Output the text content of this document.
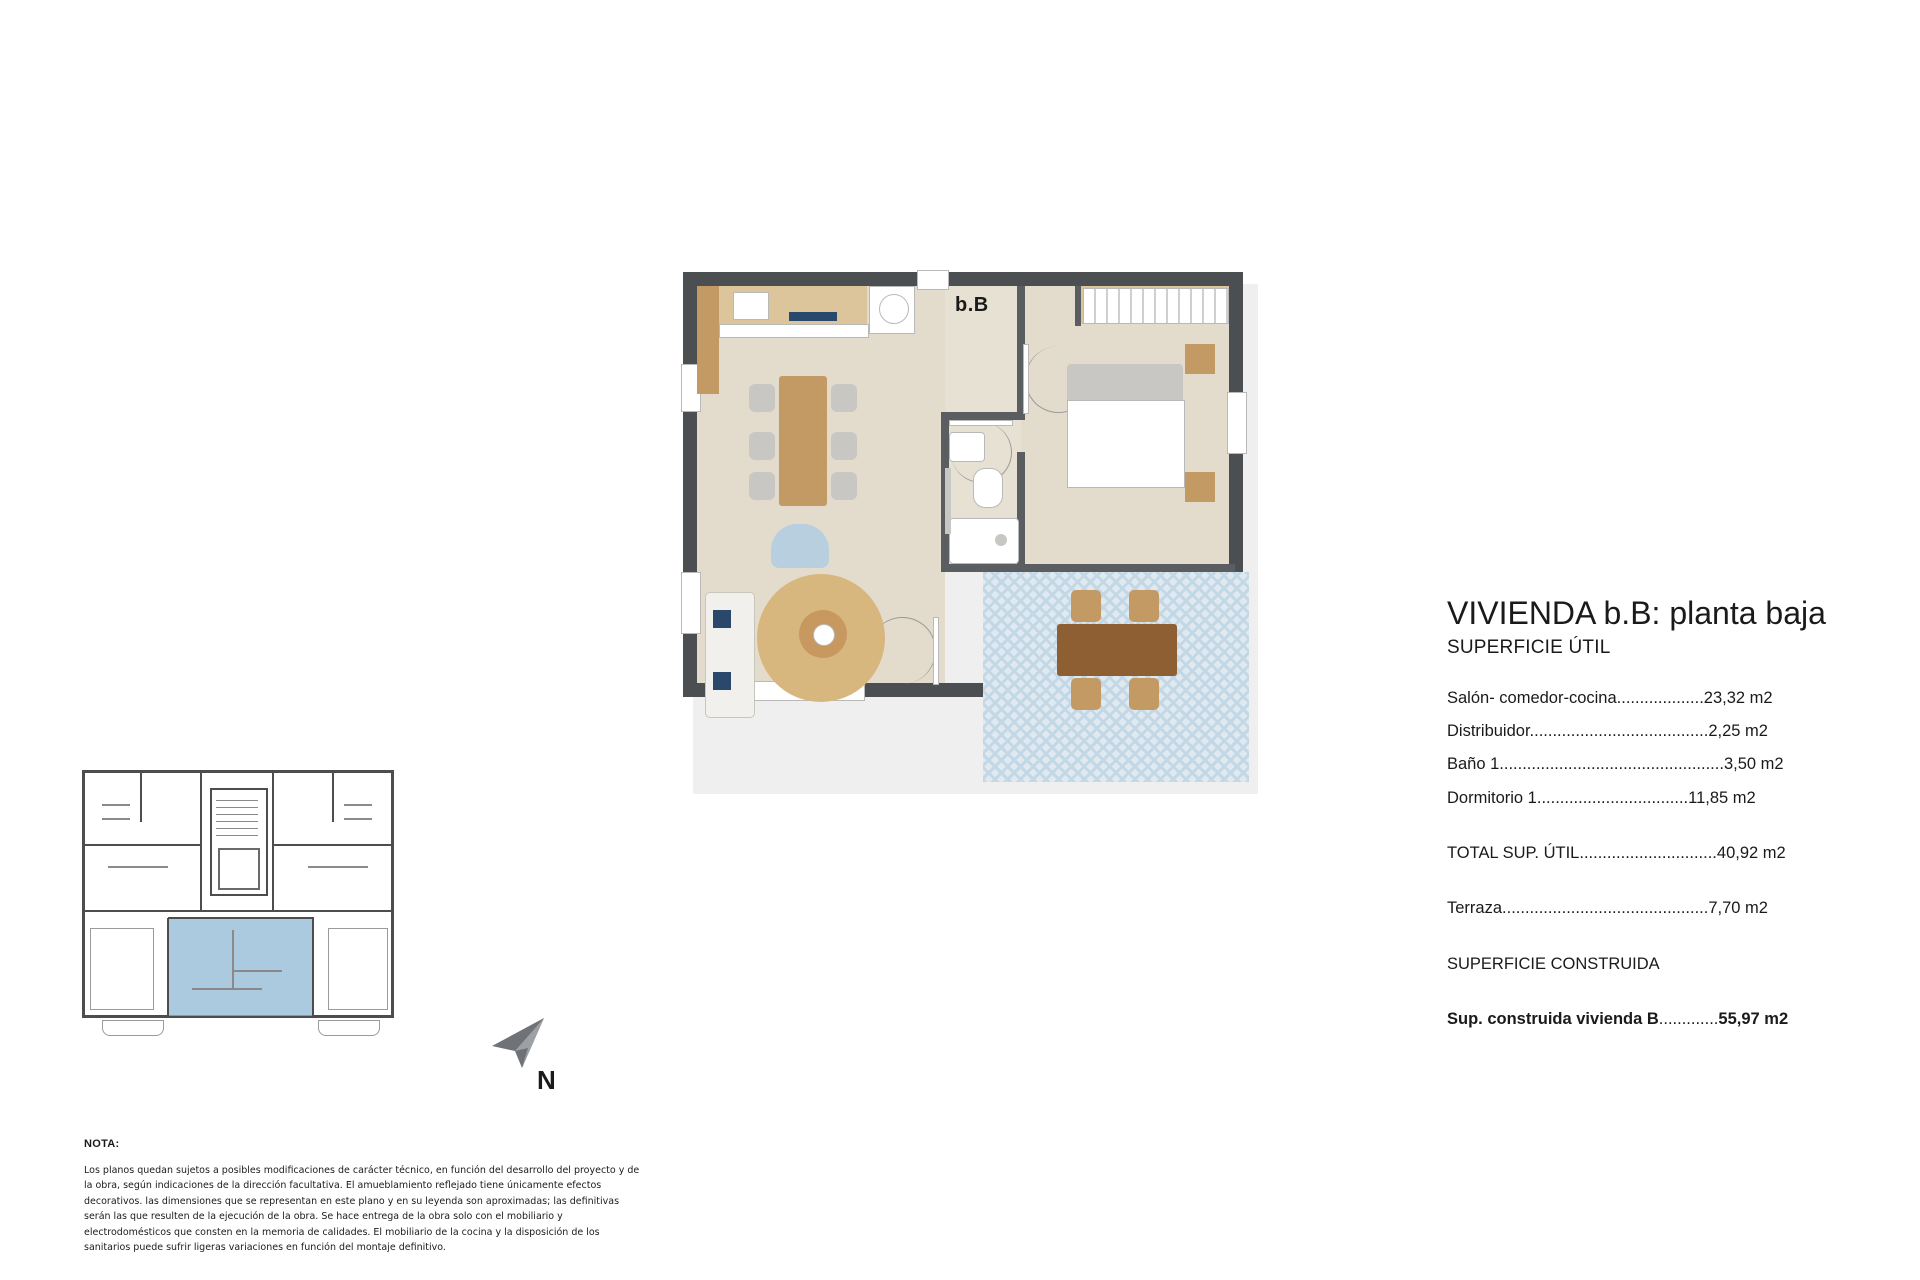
b.B
N
NOTA:
Los planos quedan sujetos a posibles modificaciones de carácter técnico, en función del desarrollo del proyecto y de la obra, según indicaciones de la dirección facultativa. El amueblamiento reflejado tiene únicamente efectos decorativos. las dimensiones que se representan en este plano y en su leyenda son aproximadas; las definitivas serán las que resulten de la ejecución de la obra. Se hace entrega de la obra solo con el mobiliario y electrodomésticos que consten en la memoria de calidades. El mobiliario de la cocina y la disposición de los sanitarios puede sufrir ligeras variaciones en función del montaje definitivo.
VIVIENDA b.B: planta baja
SUPERFICIE ÚTIL
Salón- comedor-cocina...................23,32 m2
Distribuidor.......................................2,25 m2
Baño 1.................................................3,50 m2
Dormitorio 1.................................11,85 m2
TOTAL SUP. ÚTIL..............................40,92 m2
Terraza.............................................7,70 m2
SUPERFICIE CONSTRUIDA
Sup. construida vivienda B.............55,97 m2
